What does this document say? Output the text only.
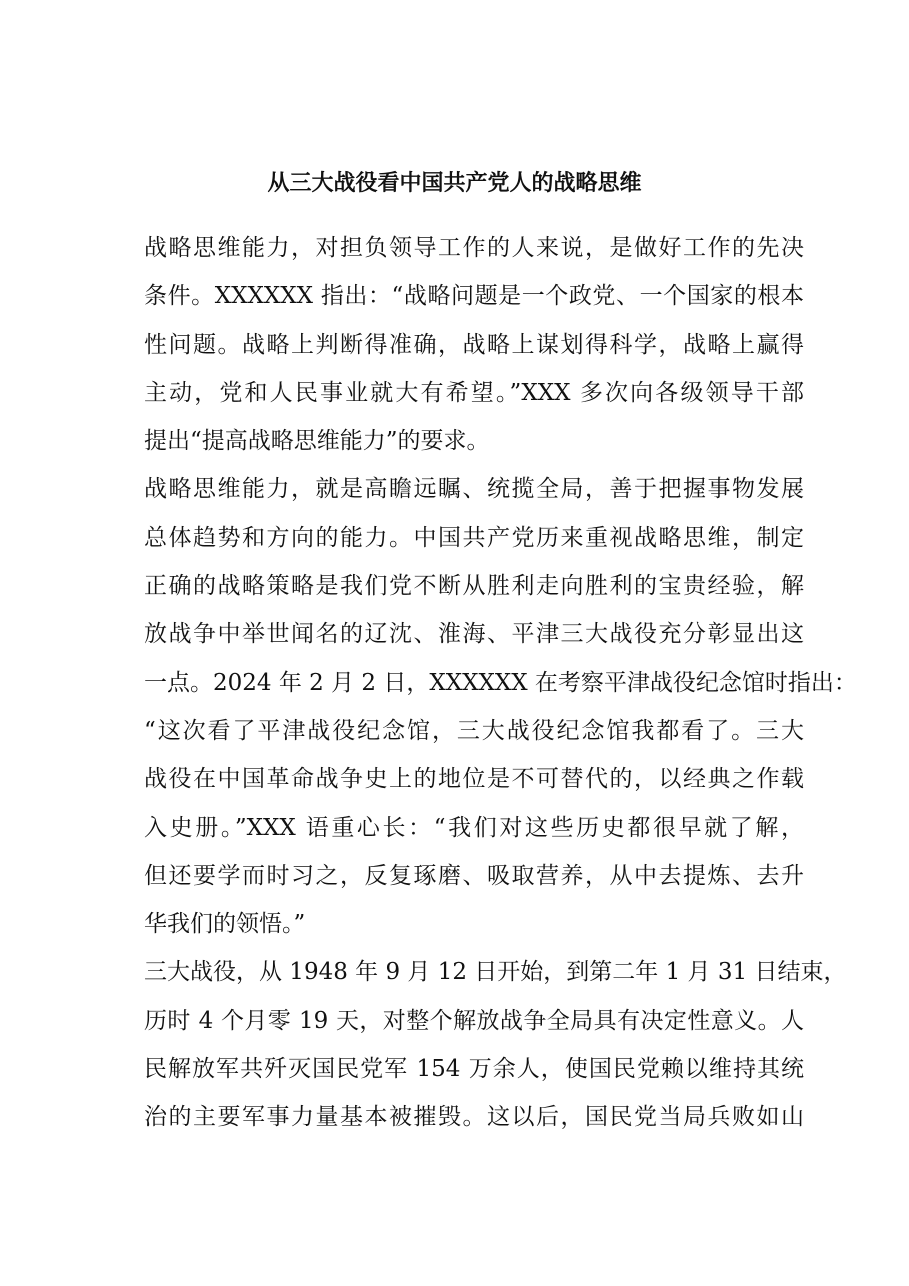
从三大战役看中国共产党人的战略思维
战略思维能力，对担负领导工作的人来说，是做好工作的先决
条件。XXXXXX 指出：“战略问题是一个政党、一个国家的根本
性问题。战略上判断得准确，战略上谋划得科学，战略上赢得
主动，党和人民事业就大有希望。”XXX 多次向各级领导干部
提出“提高战略思维能力”的要求。
战略思维能力，就是高瞻远瞩、统揽全局，善于把握事物发展
总体趋势和方向的能力。中国共产党历来重视战略思维，制定
正确的战略策略是我们党不断从胜利走向胜利的宝贵经验，解
放战争中举世闻名的辽沈、淮海、平津三大战役充分彰显出这
一点。2024 年 2 月 2 日，XXXXXX 在考察平津战役纪念馆时指出：
“这次看了平津战役纪念馆，三大战役纪念馆我都看了。三大
战役在中国革命战争史上的地位是不可替代的，以经典之作载
入史册。”XXX 语重心长：“我们对这些历史都很早就了解，
但还要学而时习之，反复琢磨、吸取营养，从中去提炼、去升
华我们的领悟。”
三大战役，从 1948 年 9 月 12 日开始，到第二年 1 月 31 日结束，
历时 4 个月零 19 天，对整个解放战争全局具有决定性意义。人
民解放军共歼灭国民党军 154 万余人，使国民党赖以维持其统
治的主要军事力量基本被摧毁。这以后，国民党当局兵败如山
